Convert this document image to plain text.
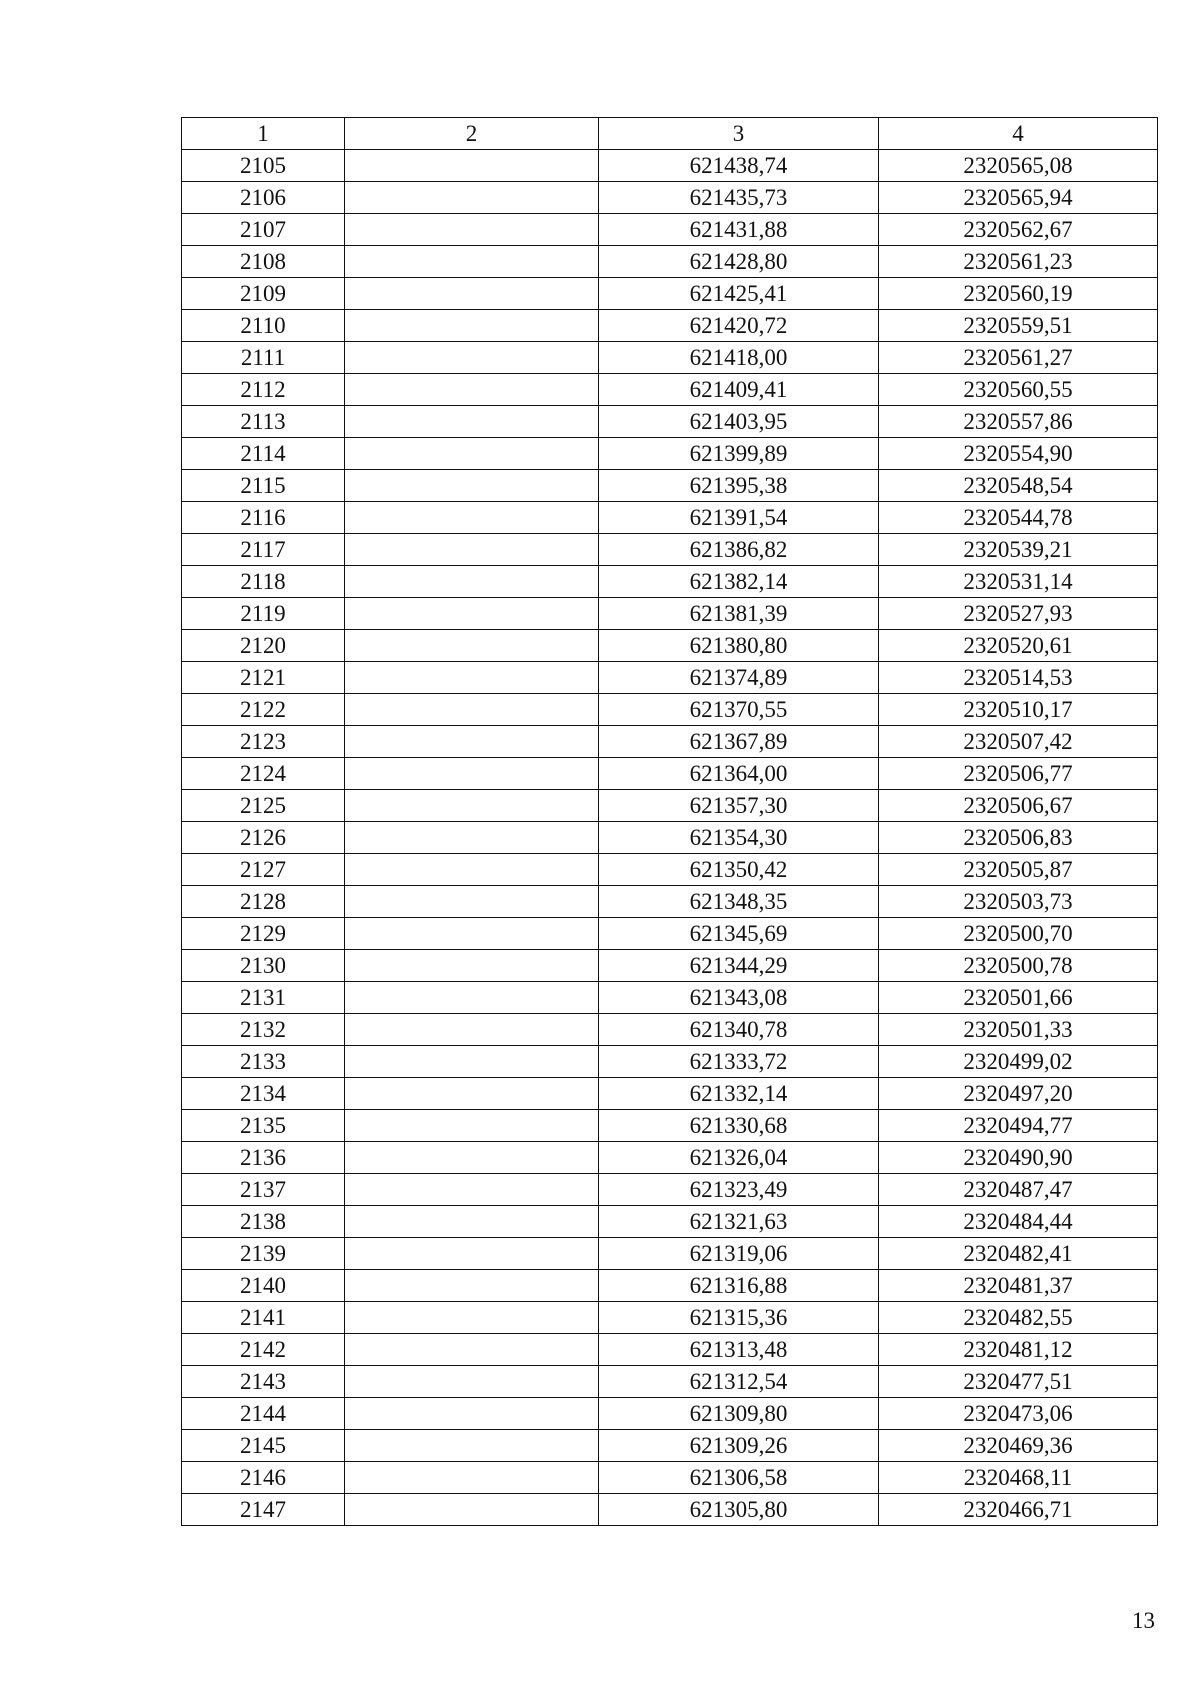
1	2	3	4
2105		621438,74	2320565,08
2106		621435,73	2320565,94
2107		621431,88	2320562,67
2108		621428,80	2320561,23
2109		621425,41	2320560,19
2110		621420,72	2320559,51
2111		621418,00	2320561,27
2112		621409,41	2320560,55
2113		621403,95	2320557,86
2114		621399,89	2320554,90
2115		621395,38	2320548,54
2116		621391,54	2320544,78
2117		621386,82	2320539,21
2118		621382,14	2320531,14
2119		621381,39	2320527,93
2120		621380,80	2320520,61
2121		621374,89	2320514,53
2122		621370,55	2320510,17
2123		621367,89	2320507,42
2124		621364,00	2320506,77
2125		621357,30	2320506,67
2126		621354,30	2320506,83
2127		621350,42	2320505,87
2128		621348,35	2320503,73
2129		621345,69	2320500,70
2130		621344,29	2320500,78
2131		621343,08	2320501,66
2132		621340,78	2320501,33
2133		621333,72	2320499,02
2134		621332,14	2320497,20
2135		621330,68	2320494,77
2136		621326,04	2320490,90
2137		621323,49	2320487,47
2138		621321,63	2320484,44
2139		621319,06	2320482,41
2140		621316,88	2320481,37
2141		621315,36	2320482,55
2142		621313,48	2320481,12
2143		621312,54	2320477,51
2144		621309,80	2320473,06
2145		621309,26	2320469,36
2146		621306,58	2320468,11
2147		621305,80	2320466,71
13
